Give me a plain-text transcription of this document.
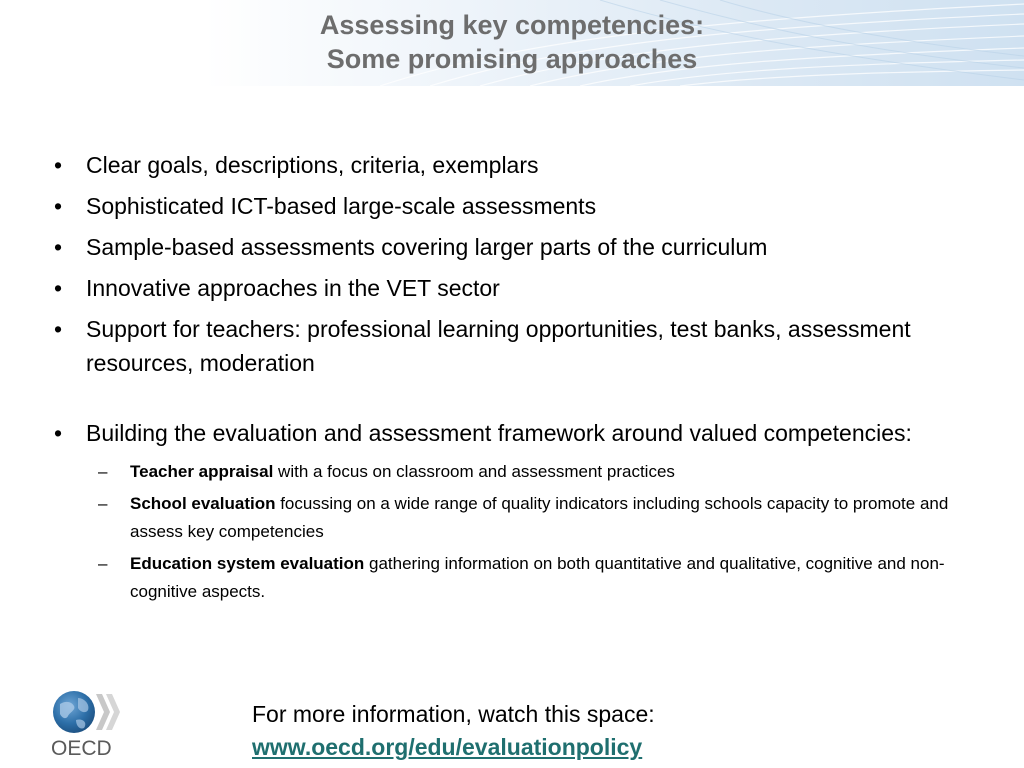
Assessing key competencies:
Some promising approaches
• Clear goals, descriptions, criteria, exemplars
• Sophisticated ICT-based large-scale assessments
• Sample-based assessments covering larger parts of the curriculum
• Innovative approaches in the VET sector
• Support for teachers: professional learning opportunities, test banks, assessment resources, moderation
• Building the evaluation and assessment framework around valued competencies:
– Teacher appraisal with a focus on classroom and assessment practices
– School evaluation focussing on a wide range of quality indicators including schools capacity to promote and assess key competencies
– Education system evaluation gathering information on both quantitative and qualitative, cognitive and non-cognitive aspects.
OECD
For more information, watch this space:
www.oecd.org/edu/evaluationpolicy
